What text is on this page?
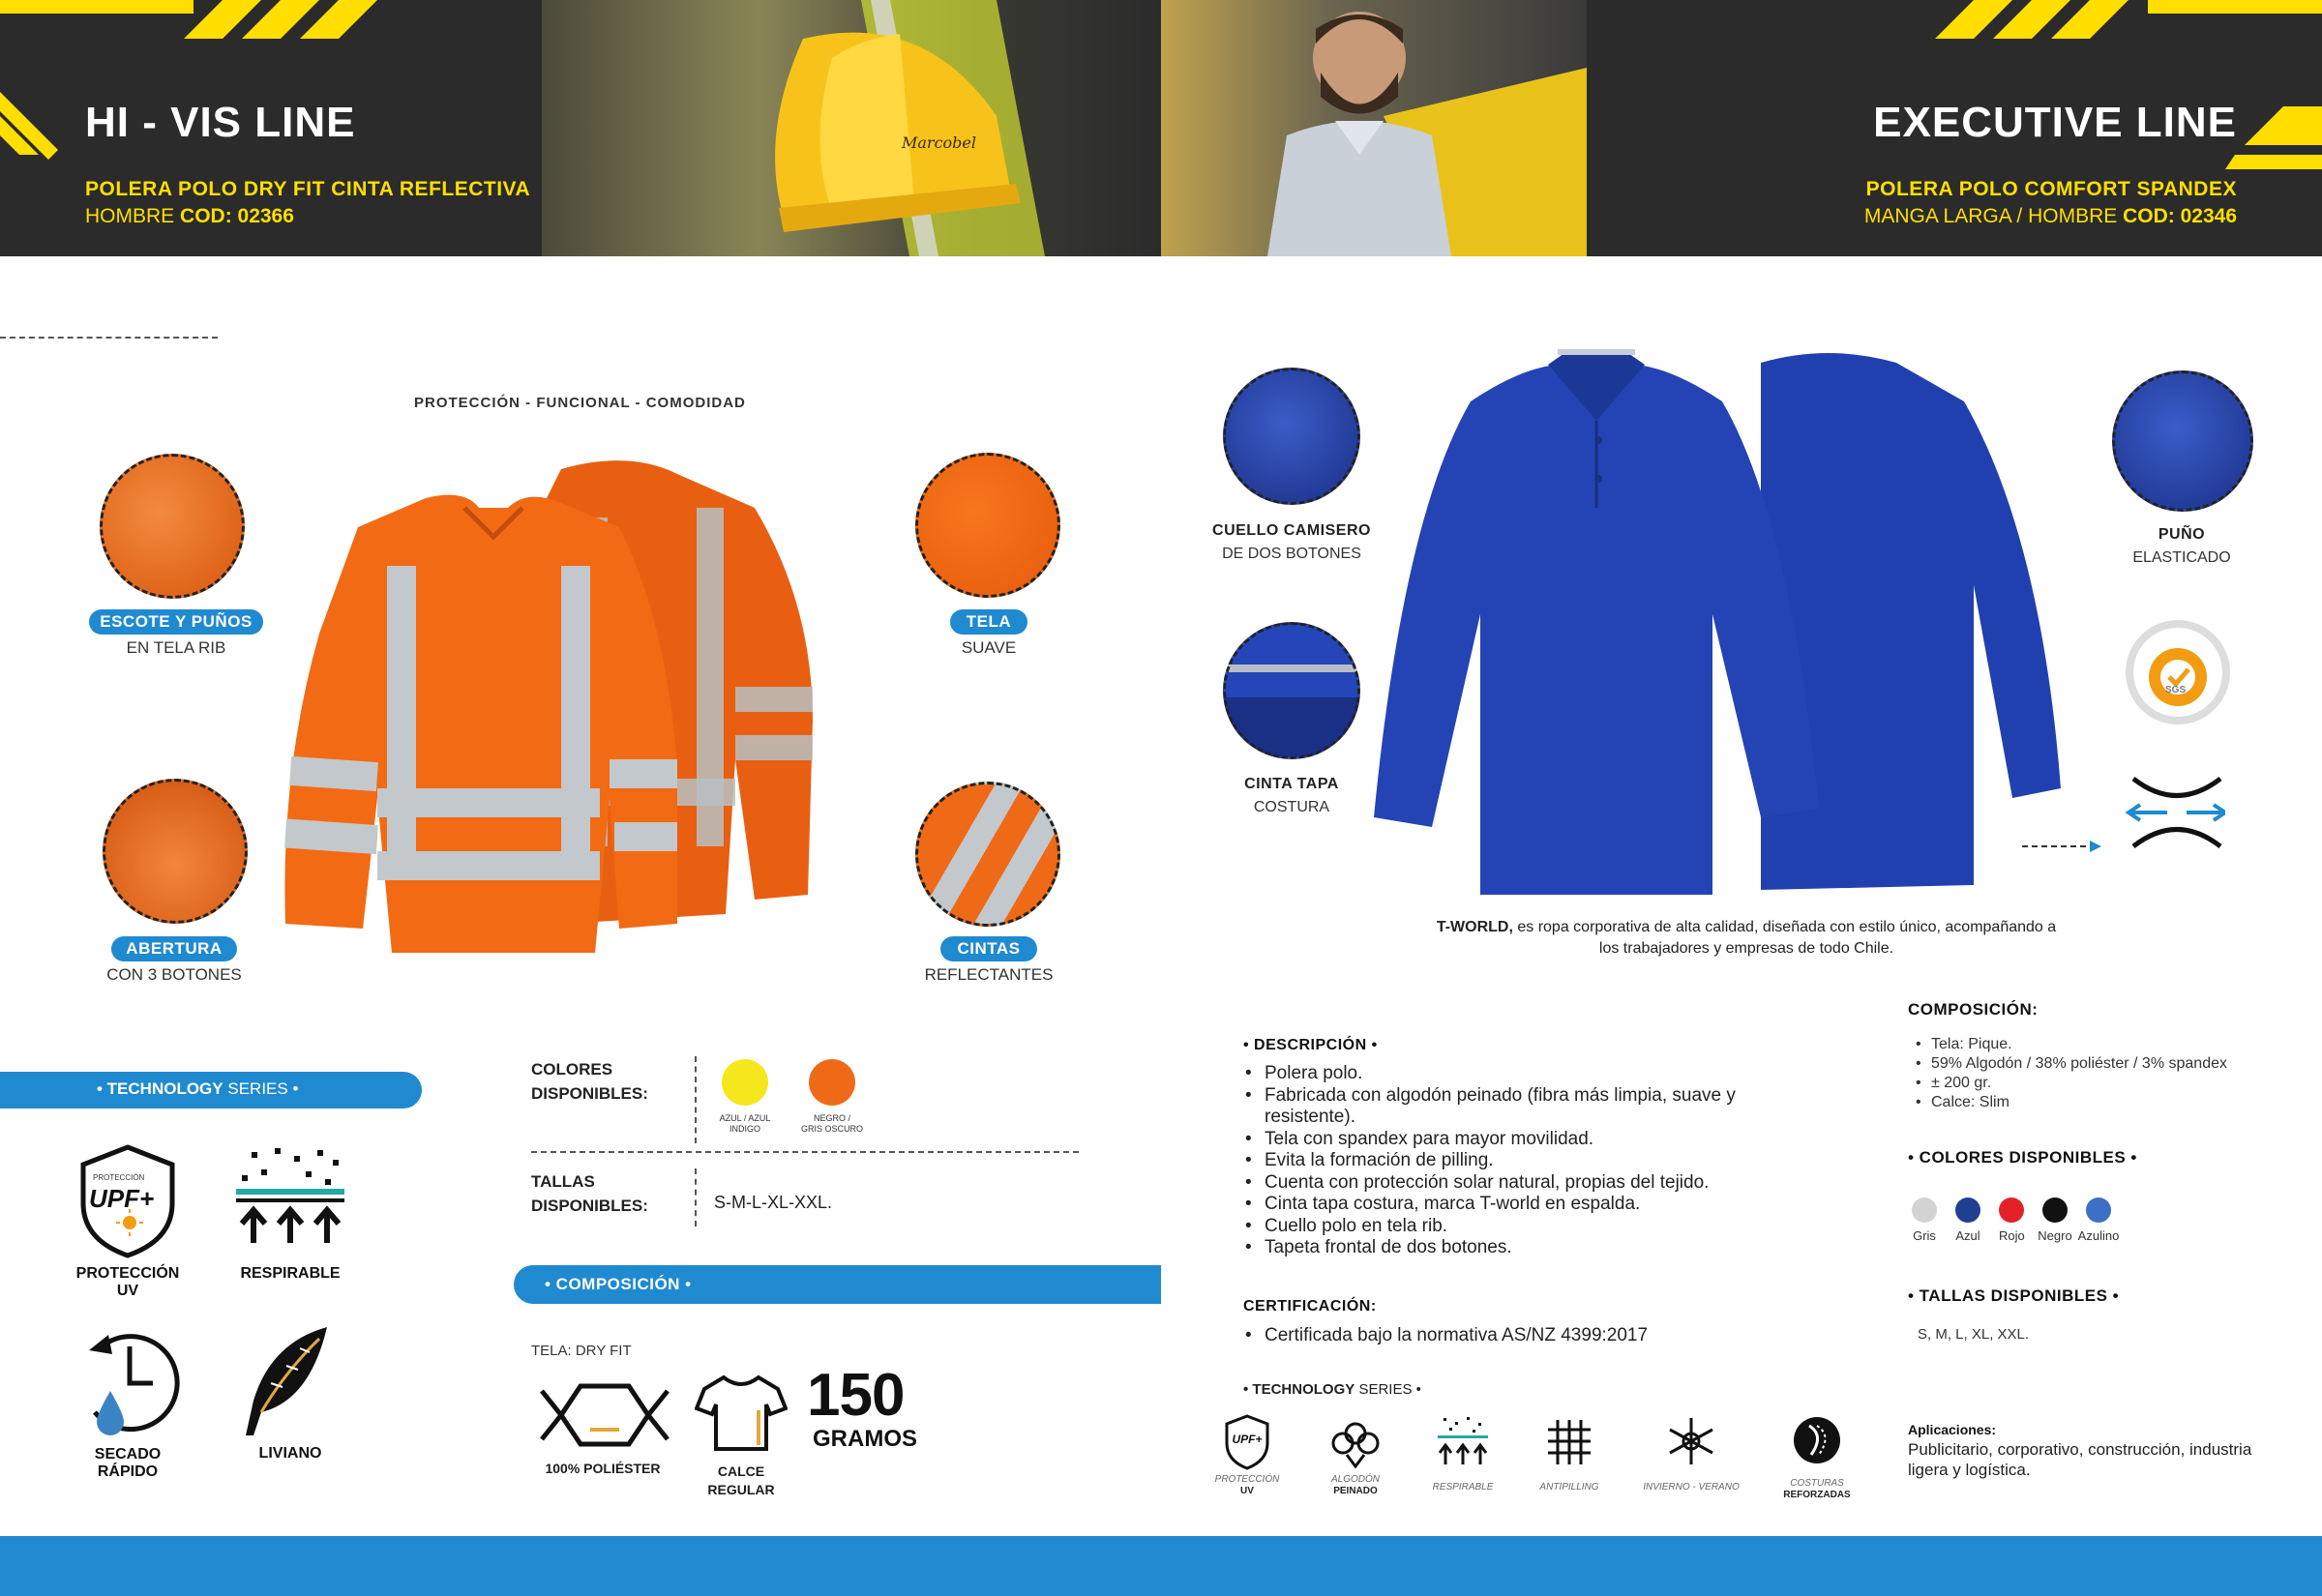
Marcobel
HI - VIS LINE
POLERA POLO DRY FIT CINTA REFLECTIVA
HOMBRE COD: 02366
EXECUTIVE LINE
POLERA POLO COMFORT SPANDEX
MANGA LARGA / HOMBRE COD: 02346
PROTECCIÓN - FUNCIONAL - COMODIDAD
ESCOTE Y PUÑOS
EN TELA RIB
TELA
SUAVE
ABERTURA
CON 3 BOTONES
CINTAS
REFLECTANTES
• TECHNOLOGY SERIES •
PROTECCIÓN
UPF+
PROTECCIÓN
UV
RESPIRABLE
SECADO
RÁPIDO
LIVIANO
COLORES
DISPONIBLES:
AZUL / AZUL
INDIGO
NEGRO /
GRIS OSCURO
TALLAS
DISPONIBLES:	S-M-L-XL-XXL.
• COMPOSICIÓN •
TELA: DRY FIT
100% POLIÉSTER	CALCE
REGULAR
150
GRAMOS
CUELLO CAMISERO
DE DOS BOTONES
CINTA TAPA
COSTURA
PUÑO
ELASTICADO
SGS
T-WORLD, es ropa corporativa de alta calidad, diseñada con estilo único, acompañando a
los trabajadores y empresas de todo Chile.
• DESCRIPCIÓN •
• Polera polo.
• Fabricada con algodón peinado (fibra más limpia, suave y resistente).
• Tela con spandex para mayor movilidad.
• Evita la formación de pilling.
• Cuenta con protección solar natural, propias del tejido.
• Cinta tapa costura, marca T-world en espalda.
• Cuello polo en tela rib.
• Tapeta frontal de dos botones.
CERTIFICACIÓN:
• Certificada bajo la normativa AS/NZ 4399:2017
• TECHNOLOGY SERIES •
UPF+
PROTECCIÓN
UV
ALGODÓN
PEINADO	RESPIRABLE	ANTIPILLING	INVIERNO - VERANO	COSTURAS
REFORZADAS
COMPOSICIÓN:
• Tela: Pique.
• 59% Algodón / 38% poliéster / 3% spandex
• ± 200 gr.
• Calce: Slim
• COLORES DISPONIBLES •
Gris Azul Rojo Negro Azulino
• TALLAS DISPONIBLES •
S, M, L, XL, XXL.
Aplicaciones:
Publicitario, corporativo, construcción, industria
ligera y logística.
